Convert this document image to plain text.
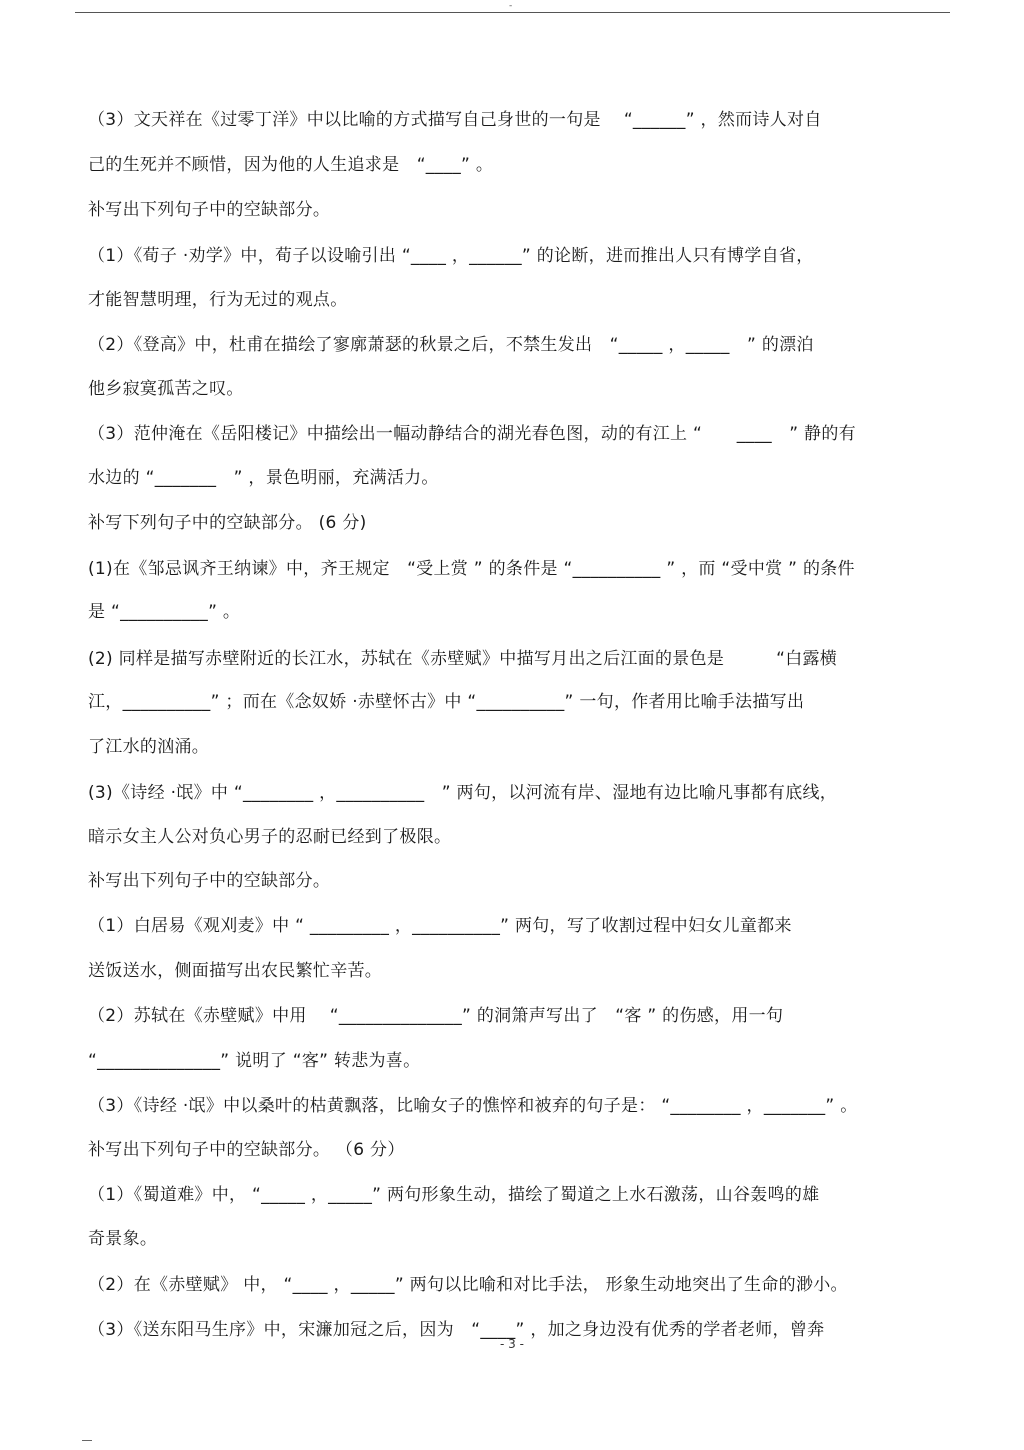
-
（3）文天祥在《过零丁洋》中以比喻的方式描写自己身世的一句是　 “______” ，然而诗人对自
己的生死并不顾惜，因为他的人生追求是　“____” 。
补写出下列句子中的空缺部分。
（1）《荀子 ·劝学》中，荀子以设喻引出 “____ ，______” 的论断，进而推出人只有博学自省，
才能智慧明理，行为无过的观点。
（2）《登高》中，杜甫在描绘了寥廓萧瑟的秋景之后，不禁生发出　“_____ ，_____　” 的漂泊
他乡寂寞孤苦之叹。
（3）范仲淹在《岳阳楼记》中描绘出一幅动静结合的湖光春色图，动的有江上 “　　____　” 静的有
水边的 “_______　” ，景色明丽，充满活力。
补写下列句子中的空缺部分。 (6 分)
(1)在《邹忌讽齐王纳谏》中，齐王规定　“受上赏 ” 的条件是 “__________ ” ，而 “受中赏 ” 的条件
是 “__________” 。
(2) 同样是描写赤壁附近的长江水，苏轼在《赤壁赋》中描写月出之后江面的景色是　　　“白露横
江，__________” ；而在《念奴娇 ·赤壁怀古》中 “__________” 一句，作者用比喻手法描写出
了江水的汹涌。
(3)《诗经 ·氓》中 “________ ，__________　” 两句，以河流有岸、湿地有边比喻凡事都有底线，
暗示女主人公对负心男子的忍耐已经到了极限。
补写出下列句子中的空缺部分。
（1）白居易《观刈麦》中 “ _________ ，__________” 两句，写了收割过程中妇女儿童都来
送饭送水，侧面描写出农民繁忙辛苦。
（2）苏轼在《赤壁赋》中用　 “______________” 的洞箫声写出了　“客 ” 的伤感，用一句
“______________” 说明了 “客” 转悲为喜。
（3）《诗经 ·氓》中以桑叶的枯黄飘落，比喻女子的憔悴和被弃的句子是： “________ ，_______” 。
补写出下列句子中的空缺部分。 （6 分）
（1）《蜀道难》中， “_____ ，_____” 两句形象生动，描绘了蜀道之上水石激荡，山谷轰鸣的雄
奇景象。
（2）在《赤壁赋》 中， “____ ，_____” 两句以比喻和对比手法， 形象生动地突出了生命的渺小。
（3）《送东阳马生序》中，宋濂加冠之后，因为　“____” ，加之身边没有优秀的学者老师，曾奔
- 3 -
